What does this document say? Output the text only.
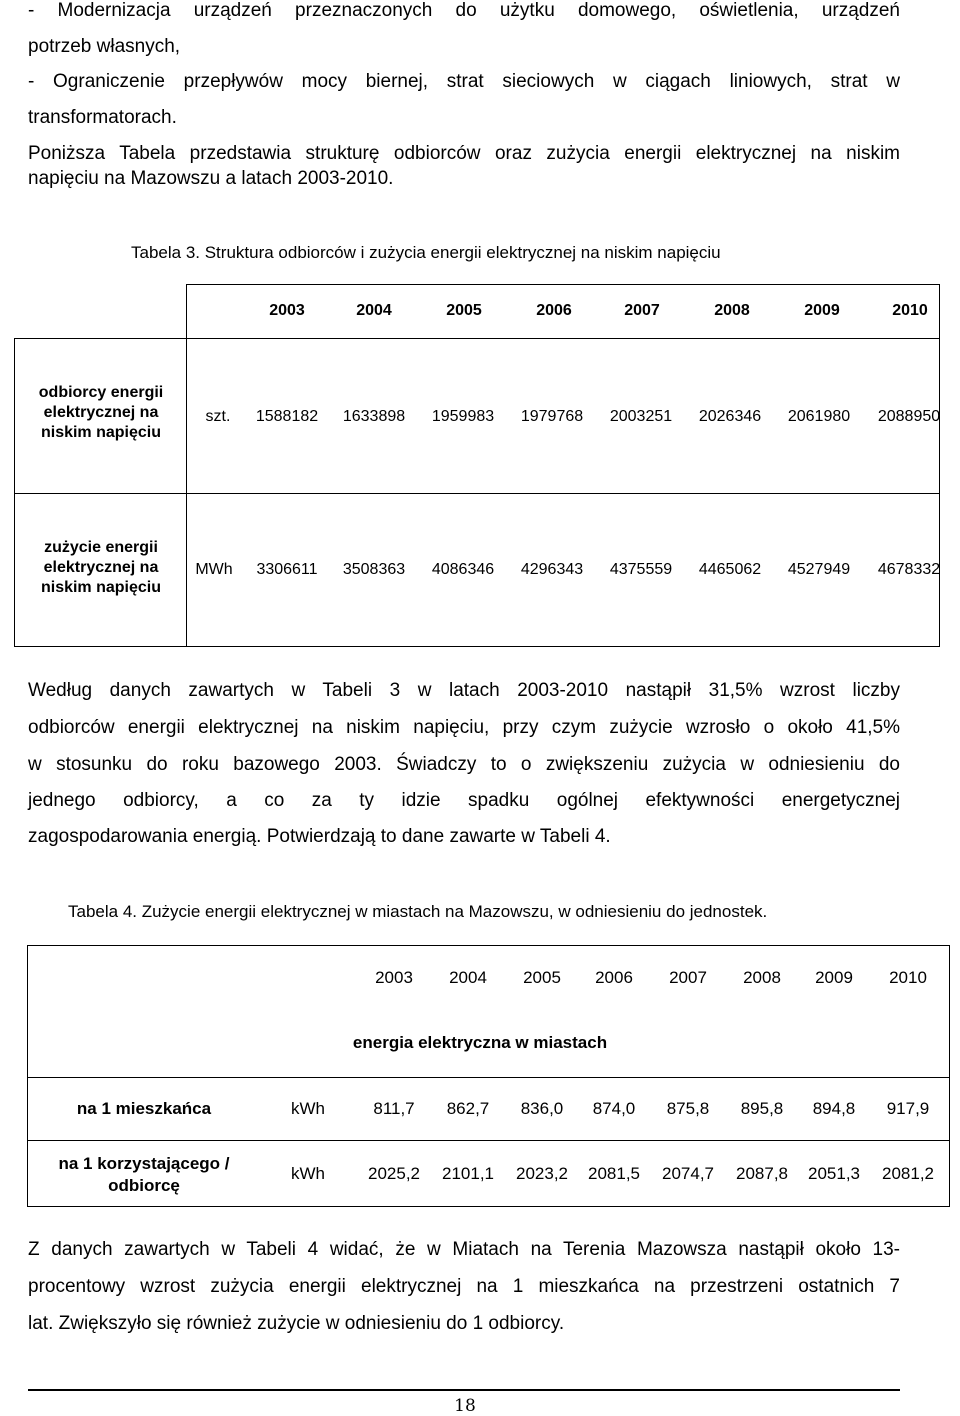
- Modernizacja urządzeń przeznaczonych do użytku domowego, oświetlenia, urządzeń
potrzeb własnych,
- Ograniczenie przepływów mocy biernej, strat sieciowych w ciągach liniowych, strat w
transformatorach.
Poniższa Tabela przedstawia strukturę odbiorców oraz zużycia energii elektrycznej na niskim
napięciu na Mazowszu a latach 2003-2010.
Tabela 3. Struktura odbiorców i zużycia energii elektrycznej na niskim napięciu
2003	2004	2005	2006	2007	2008	2009	2010
odbiorcy energii
elektrycznej na
niskim napięciu
szt.	1588182	1633898	1959983	1979768	2003251	2026346	2061980	2088950
zużycie energii
elektrycznej na
niskim napięciu
MWh	3306611	3508363	4086346	4296343	4375559	4465062	4527949	4678332
Według danych zawartych w Tabeli 3 w latach 2003-2010 nastąpił 31,5% wzrost liczby
odbiorców energii elektrycznej na niskim napięciu, przy czym zużycie wzrosło o około 41,5%
w stosunku do roku bazowego 2003. Świadczy to o zwiększeniu zużycia w odniesieniu do
jednego odbiorcy, a co za ty idzie spadku ogólnej efektywności energetycznej
zagospodarowania energią. Potwierdzają to dane zawarte w Tabeli 4.
Tabela 4. Zużycie energii elektrycznej w miastach na Mazowszu, w odniesieniu do jednostek.
2003	2004	2005	2006	2007	2008	2009	2010
energia elektryczna w miastach
na 1 mieszkańca	kWh	811,7	862,7	836,0	874,0	875,8	895,8	894,8	917,9
na 1 korzystającego /
odbiorcę
kWh	2025,2	2101,1	2023,2	2081,5	2074,7	2087,8	2051,3	2081,2
Z danych zawartych w Tabeli 4 widać, że w Miatach na Terenia Mazowsza nastąpił około 13-
procentowy wzrost zużycia energii elektrycznej na 1 mieszkańca na przestrzeni ostatnich 7
lat. Zwiększyło się również zużycie w odniesieniu do 1 odbiorcy.
18
